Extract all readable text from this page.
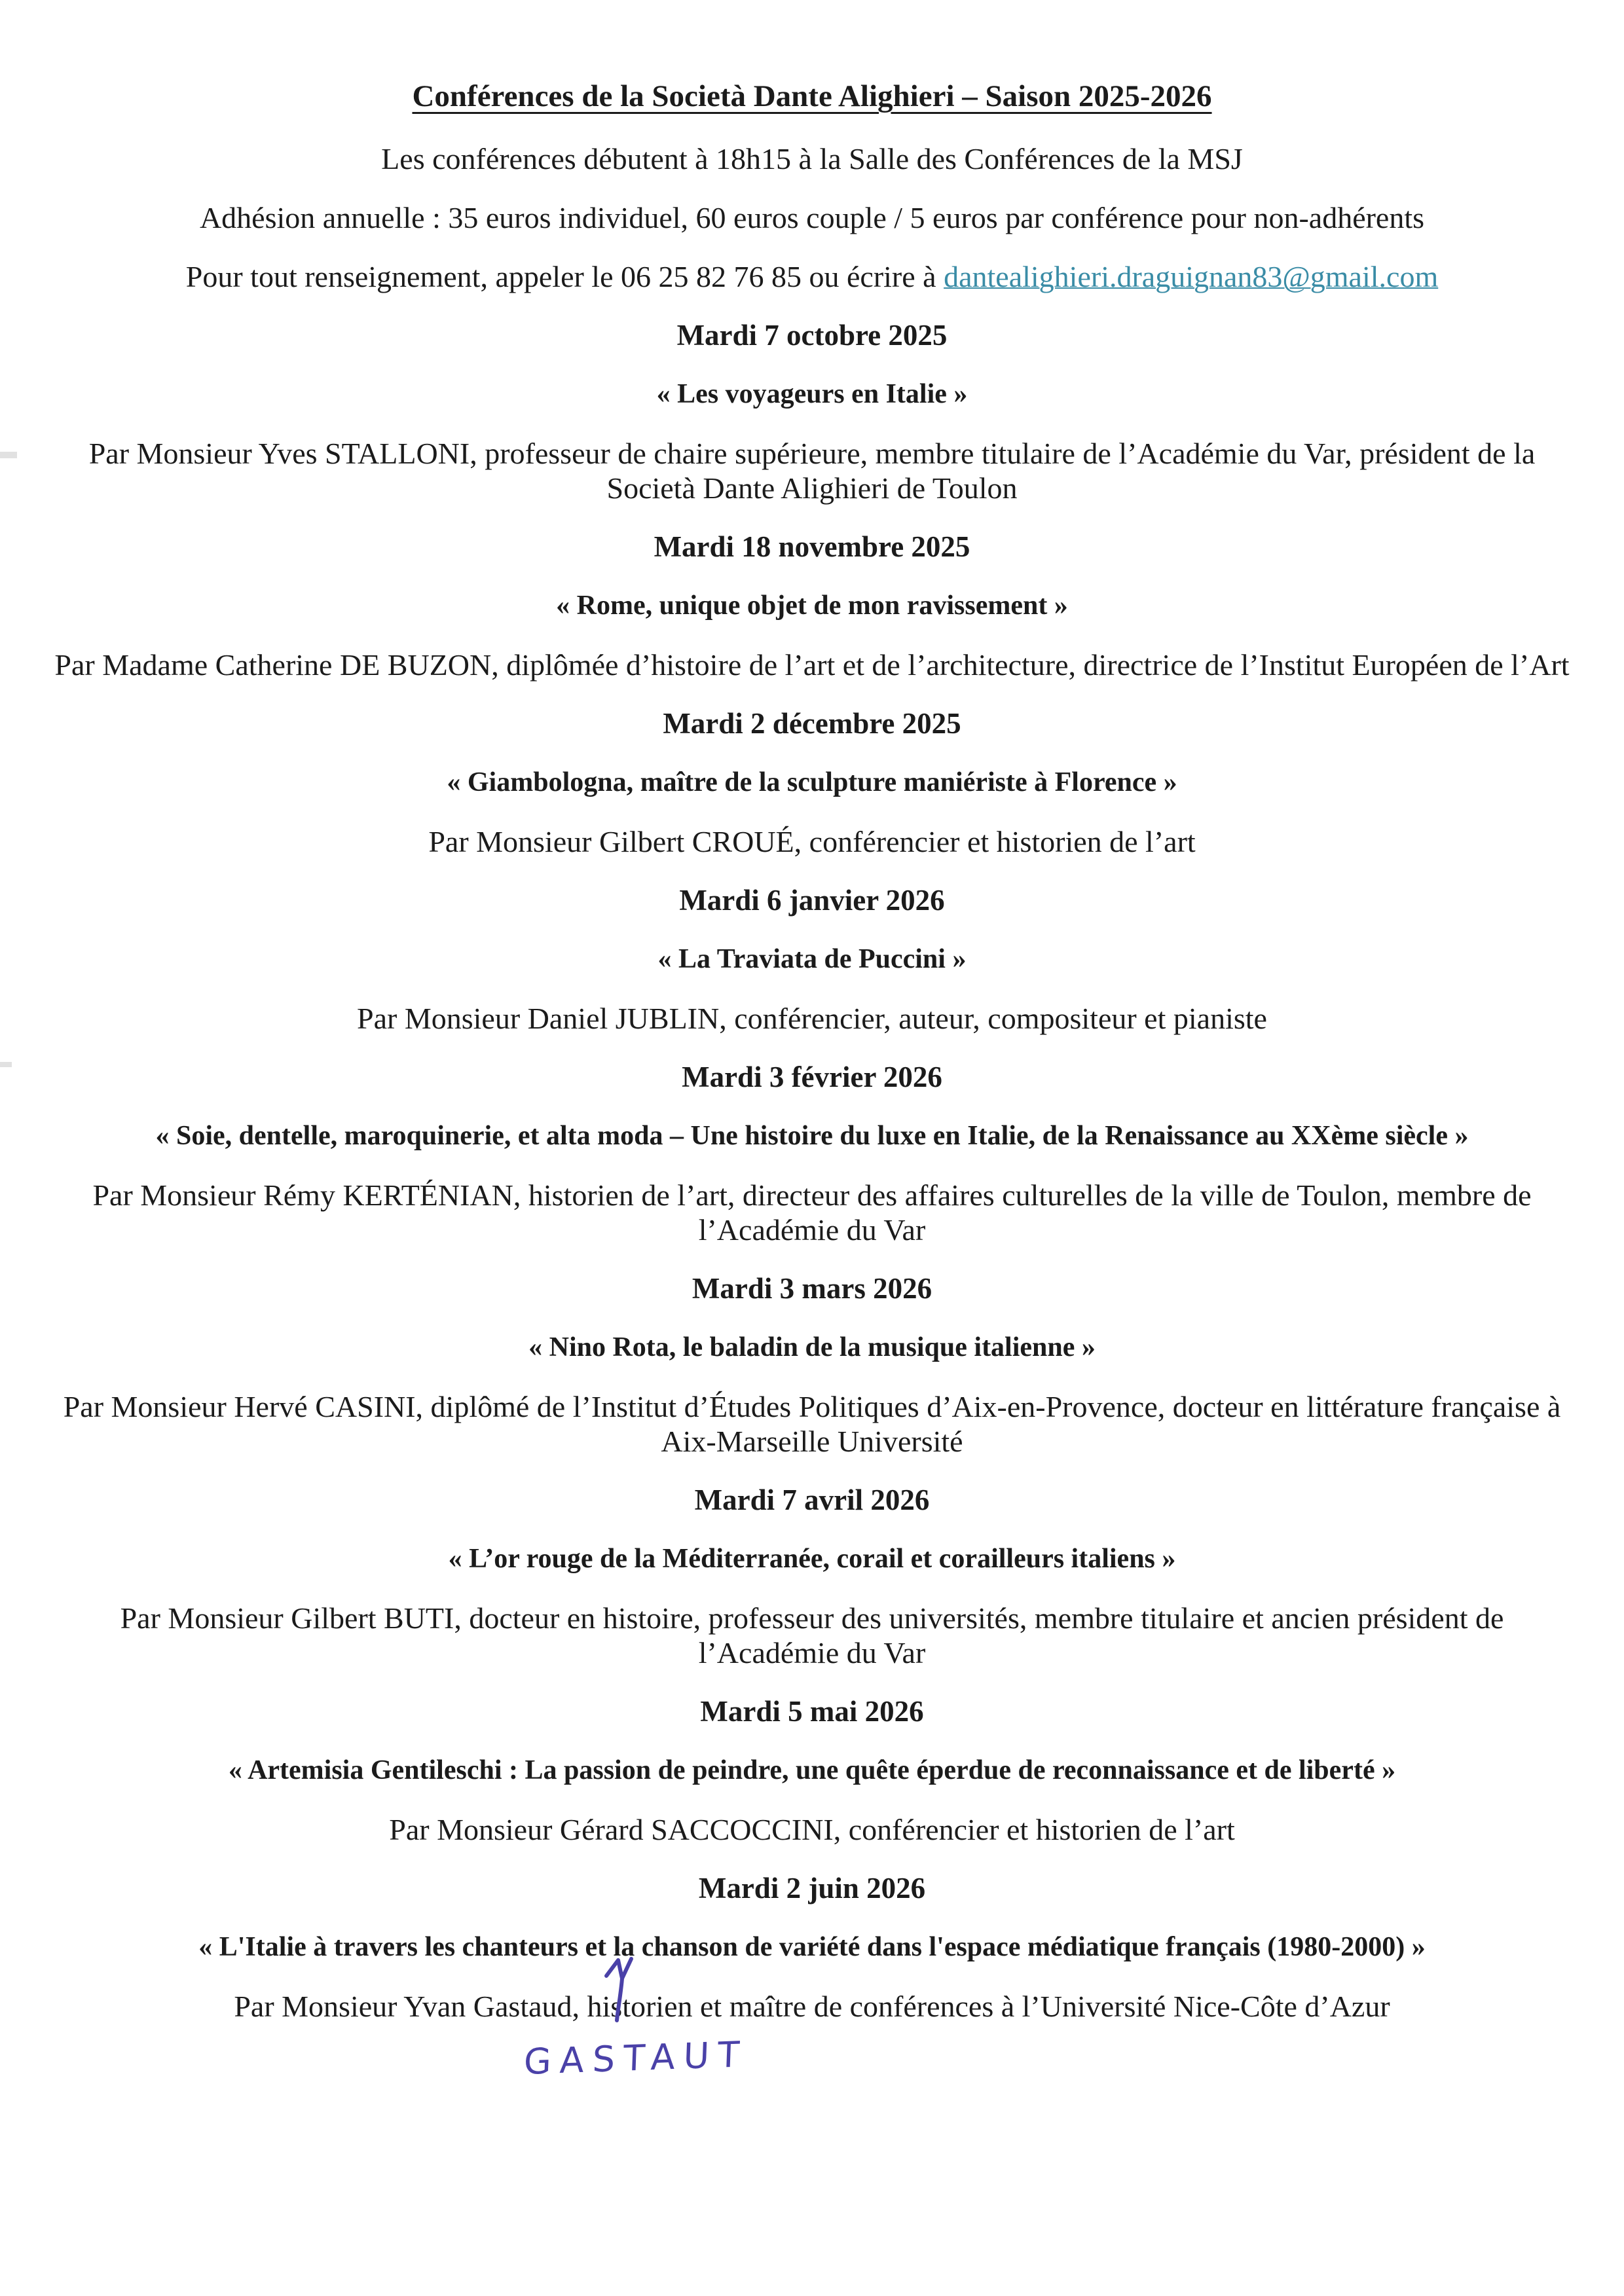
Conférences de la Società Dante Alighieri – Saison 2025-2026

Les conférences débutent à 18h15 à la Salle des Conférences de la MSJ

Adhésion annuelle : 35 euros individuel, 60 euros couple / 5 euros par conférence pour non-adhérents

Pour tout renseignement, appeler le 06 25 82 76 85 ou écrire à dantealighieri.draguignan83@gmail.com

Mardi 7 octobre 2025

« Les voyageurs en Italie »

Par Monsieur Yves STALLONI, professeur de chaire supérieure, membre titulaire de l’Académie du Var, président de la Società Dante Alighieri de Toulon

Mardi 18 novembre 2025

« Rome, unique objet de mon ravissement »

Par Madame Catherine DE BUZON, diplômée d’histoire de l’art et de l’architecture, directrice de l’Institut Européen de l’Art

Mardi 2 décembre 2025

« Giambologna, maître de la sculpture maniériste à Florence »

Par Monsieur Gilbert CROUÉ, conférencier et historien de l’art

Mardi 6 janvier 2026

« La Traviata de Puccini »

Par Monsieur Daniel JUBLIN, conférencier, auteur, compositeur et pianiste

Mardi 3 février 2026

« Soie, dentelle, maroquinerie, et alta moda – Une histoire du luxe en Italie, de la Renaissance au XXème siècle »

Par Monsieur Rémy KERTÉNIAN, historien de l’art, directeur des affaires culturelles de la ville de Toulon, membre de l’Académie du Var

Mardi 3 mars 2026

« Nino Rota, le baladin de la musique italienne »

Par Monsieur Hervé CASINI, diplômé de l’Institut d’Études Politiques d’Aix-en-Provence, docteur en littérature française à Aix-Marseille Université

Mardi 7 avril 2026

« L’or rouge de la Méditerranée, corail et corailleurs italiens »

Par Monsieur Gilbert BUTI, docteur en histoire, professeur des universités, membre titulaire et ancien président de l’Académie du Var

Mardi 5 mai 2026

« Artemisia Gentileschi : La passion de peindre, une quête éperdue de reconnaissance et de liberté »

Par Monsieur Gérard SACCOCCINI, conférencier et historien de l’art

Mardi 2 juin 2026

« L'Italie à travers les chanteurs et la chanson de variété dans l'espace médiatique français (1980-2000) »

Par Monsieur Yvan Gastaud, historien et maître de conférences à l’Université Nice-Côte d’Azur

GASTAUT
